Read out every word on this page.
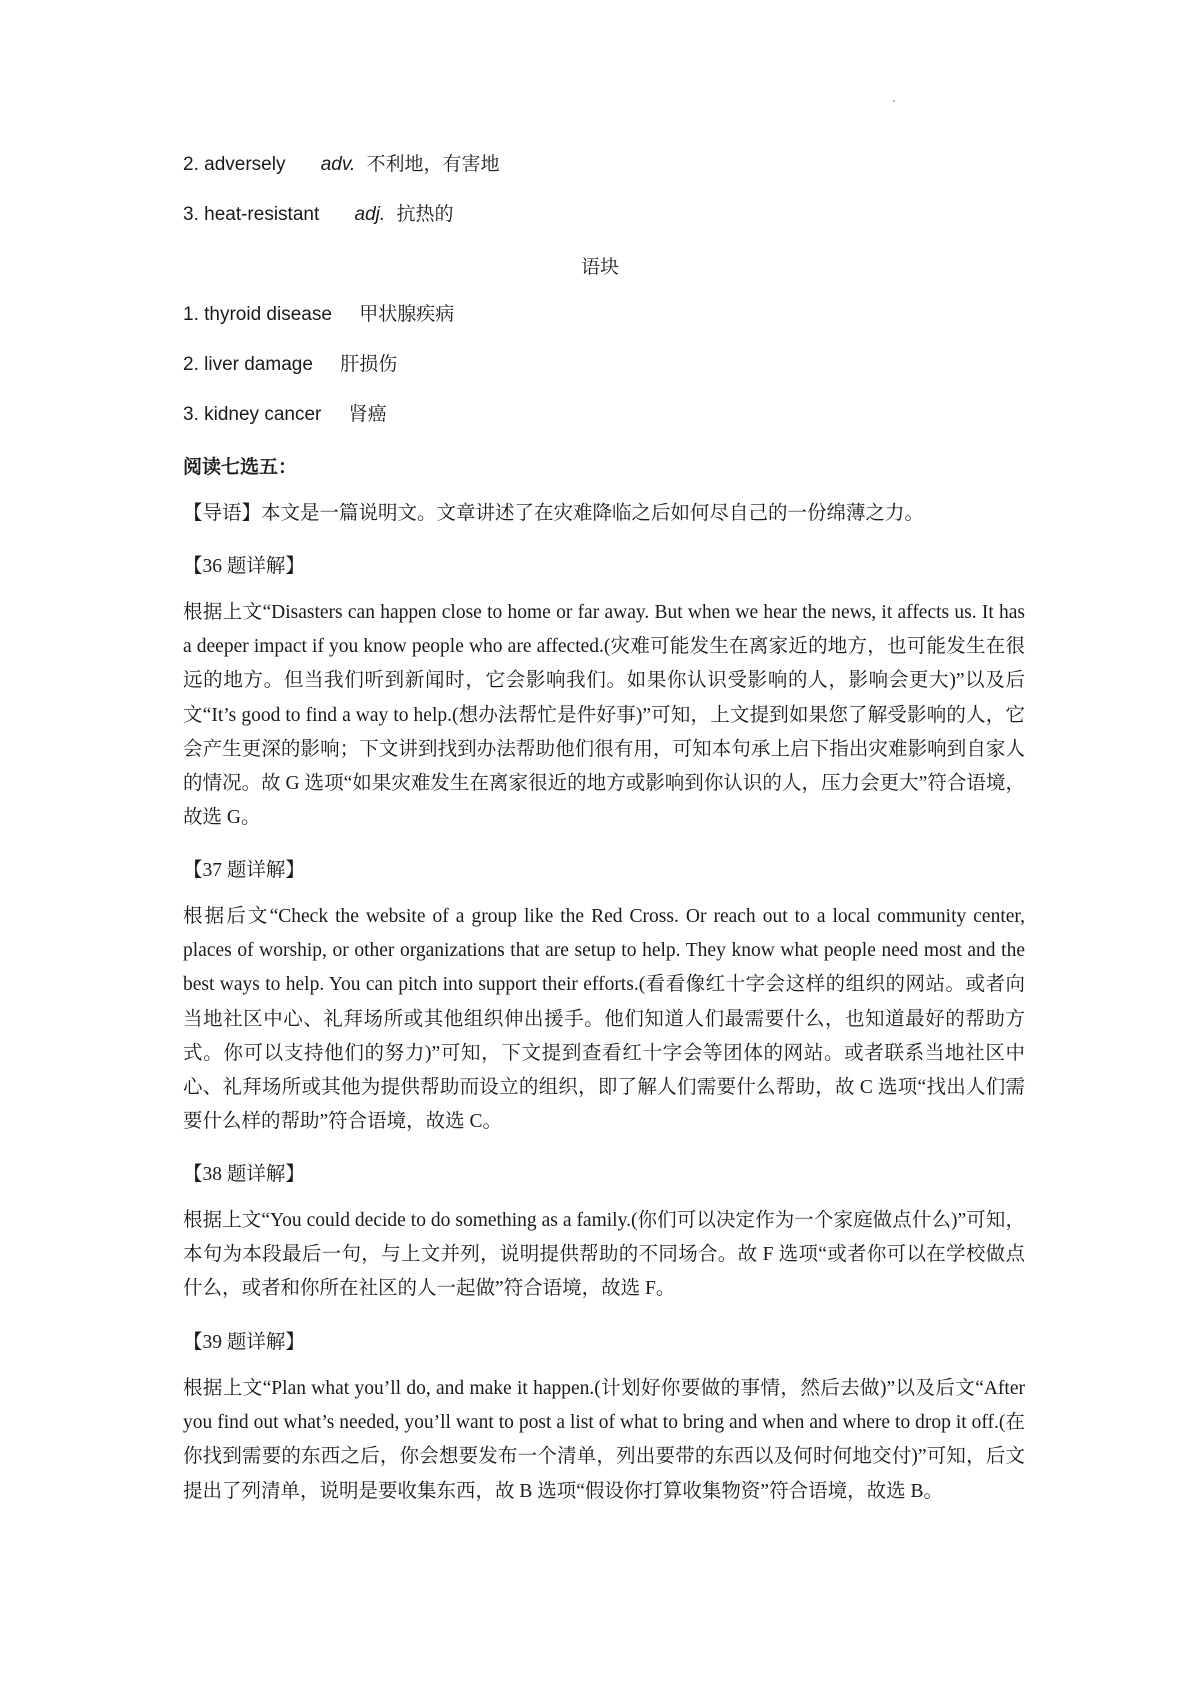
2. adversely adv. 不利地，有害地
3. heat-resistant adj. 抗热的
语块
1. thyroid disease 甲状腺疾病
2. liver damage 肝损伤
3. kidney cancer 肾癌
阅读七选五：
【导语】本文是一篇说明文。文章讲述了在灾难降临之后如何尽自己的一份绵薄之力。
【36 题详解】
根据上文“Disasters can happen close to home or far away. But when we hear the news, it affects us. It has a deeper impact if you know people who are affected.(灾难可能发生在离家近的地方，也可能发生在很远的地方。但当我们听到新闻时，它会影响我们。如果你认识受影响的人，影响会更大)”以及后文“It’s good to find a way to help.(想办法帮忙是件好事)”可知，上文提到如果您了解受影响的人，它会产生更深的影响；下文讲到找到办法帮助他们很有用，可知本句承上启下指出灾难影响到自家人的情况。故 G 选项“如果灾难发生在离家很近的地方或影响到你认识的人，压力会更大”符合语境，故选 G。
【37 题详解】
根据后文“Check the website of a group like the Red Cross. Or reach out to a local community center, places of worship, or other organizations that are setup to help. They know what people need most and the best ways to help. You can pitch into support their efforts.(看看像红十字会这样的组织的网站。或者向当地社区中心、礼拜场所或其他组织伸出援手。他们知道人们最需要什么，也知道最好的帮助方式。你可以支持他们的努力)”可知，下文提到查看红十字会等团体的网站。或者联系当地社区中心、礼拜场所或其他为提供帮助而设立的组织，即了解人们需要什么帮助，故 C 选项“找出人们需要什么样的帮助”符合语境，故选 C。
【38 题详解】
根据上文“You could decide to do something as a family.(你们可以决定作为一个家庭做点什么)”可知，本句为本段最后一句，与上文并列，说明提供帮助的不同场合。故 F 选项“或者你可以在学校做点什么，或者和你所在社区的人一起做”符合语境，故选 F。
【39 题详解】
根据上文“Plan what you’ll do, and make it happen.(计划好你要做的事情，然后去做)”以及后文“After you find out what’s needed, you’ll want to post a list of what to bring and when and where to drop it off.(在你找到需要的东西之后，你会想要发布一个清单，列出要带的东西以及何时何地交付)”可知，后文提出了列清单，说明是要收集东西，故 B 选项“假设你打算收集物资”符合语境，故选 B。
